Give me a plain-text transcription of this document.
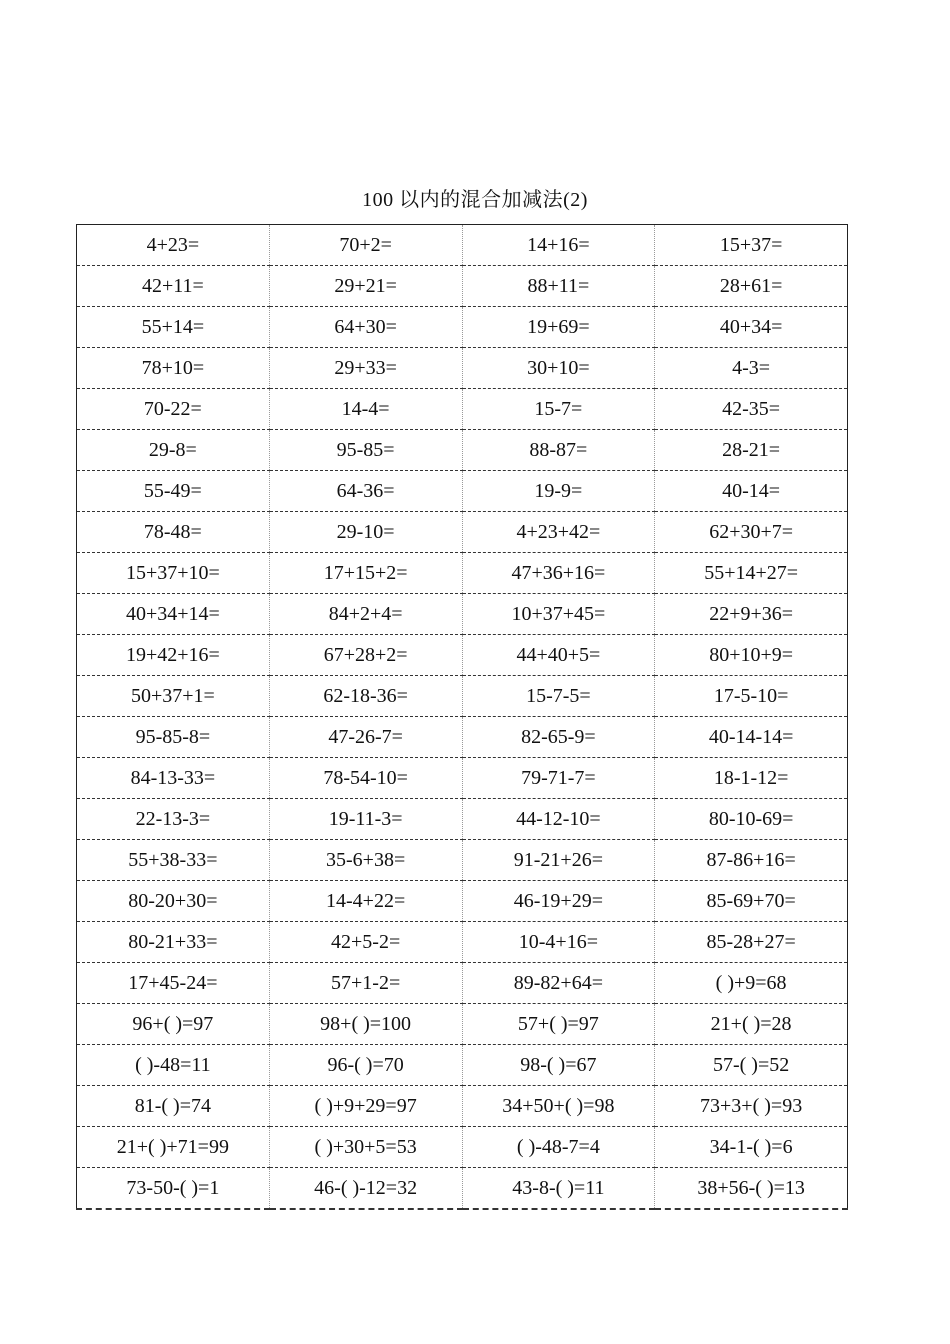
100 以内的混合加减法(2)
4+23=	70+2=	14+16=	15+37=
42+11=	29+21=	88+11=	28+61=
55+14=	64+30=	19+69=	40+34=
78+10=	29+33=	30+10=	4-3=
70-22=	14-4=	15-7=	42-35=
29-8=	95-85=	88-87=	28-21=
55-49=	64-36=	19-9=	40-14=
78-48=	29-10=	4+23+42=	62+30+7=
15+37+10=	17+15+2=	47+36+16=	55+14+27=
40+34+14=	84+2+4=	10+37+45=	22+9+36=
19+42+16=	67+28+2=	44+40+5=	80+10+9=
50+37+1=	62-18-36=	15-7-5=	17-5-10=
95-85-8=	47-26-7=	82-65-9=	40-14-14=
84-13-33=	78-54-10=	79-71-7=	18-1-12=
22-13-3=	19-11-3=	44-12-10=	80-10-69=
55+38-33=	35-6+38=	91-21+26=	87-86+16=
80-20+30=	14-4+22=	46-19+29=	85-69+70=
80-21+33=	42+5-2=	10-4+16=	85-28+27=
17+45-24=	57+1-2=	89-82+64=	( )+9=68
96+( )=97	98+( )=100	57+( )=97	21+( )=28
( )-48=11	96-( )=70	98-( )=67	57-( )=52
81-( )=74	( )+9+29=97	34+50+( )=98	73+3+( )=93
21+( )+71=99	( )+30+5=53	( )-48-7=4	34-1-( )=6
73-50-( )=1	46-( )-12=32	43-8-( )=11	38+56-( )=13
